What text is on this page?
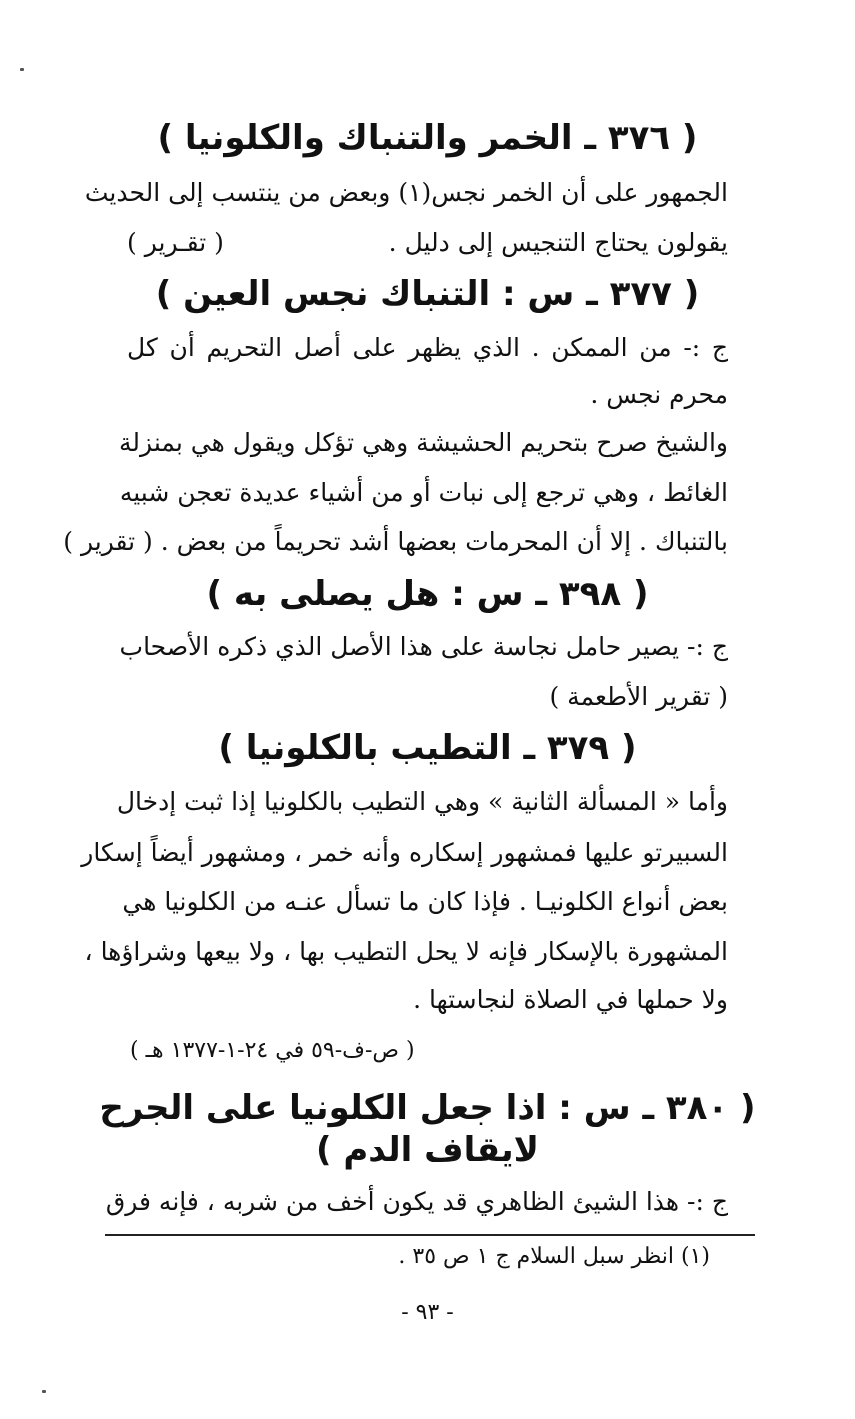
( ٣٧٦ ـ الخمر والتنباك والكلونيا )
الجمهور على أن الخمر نجس(١) وبعض من ينتسب إلى الحديث
يقولون يحتاج التنجيس إلى دليل .
( تقـرير )
( ٣٧٧ ـ س : التنباك نجس العين )
ج :- من الممكن . الذي يظهر على أصل التحريم أن كل
محرم نجس .
والشيخ صرح بتحريم الحشيشة وهي تؤكل ويقول هي بمنزلة
الغائط ، وهي ترجع إلى نبات أو من أشياء عديدة تعجن شبيه
بالتنباك . إلا أن المحرمات بعضها أشد تحريماً من بعض . ( تقرير )
( ٣٩٨ ـ س : هل يصلى به )
ج :- يصير حامل نجاسة على هذا الأصل الذي ذكره الأصحاب
( تقرير الأطعمة )
( ٣٧٩ ـ التطيب بالكلونيا )
وأما « المسألة الثانية » وهي التطيب بالكلونيا إذا ثبت إدخال
السبيرتو عليها فمشهور إسكاره وأنه خمر ، ومشهور أيضاً إسكار
بعض أنواع الكلونيـا . فإذا كان ما تسأل عنـه من الكلونيا هي
المشهورة بالإسكار فإنه لا يحل التطيب بها ، ولا بيعها وشراؤها ،
ولا حملها في الصلاة لنجاستها .
( ص-ف-٥٩ في ٢٤-١-١٣٧٧ هـ )
( ٣٨٠ ـ س : اذا جعل الكلونيا على الجرح
لايقاف الدم )
ج :- هذا الشيئ الظاهري قد يكون أخف من شربه ، فإنه فرق
(١) انظر سبل السلام ج ١ ص ٣٥ .
- ٩٣ -
